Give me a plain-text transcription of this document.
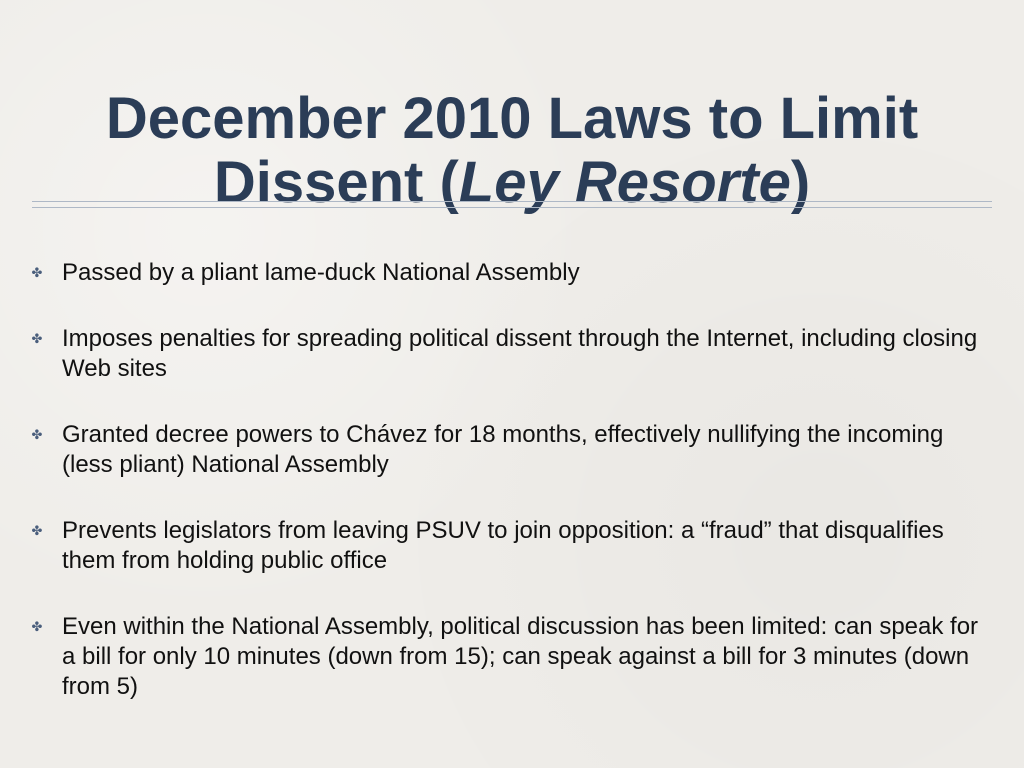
December 2010 Laws to Limit
Dissent (Ley Resorte)
✤ Passed by a pliant lame-duck National Assembly
✤ Imposes penalties for spreading political dissent through the Internet, including closing Web sites
✤ Granted decree powers to Chávez for 18 months, effectively nullifying the incoming (less pliant) National Assembly
✤ Prevents legislators from leaving PSUV to join opposition: a “fraud” that disqualifies them from holding public office
✤ Even within the National Assembly, political discussion has been limited: can speak for a bill for only 10 minutes (down from 15); can speak against a bill for 3 minutes (down from 5)
